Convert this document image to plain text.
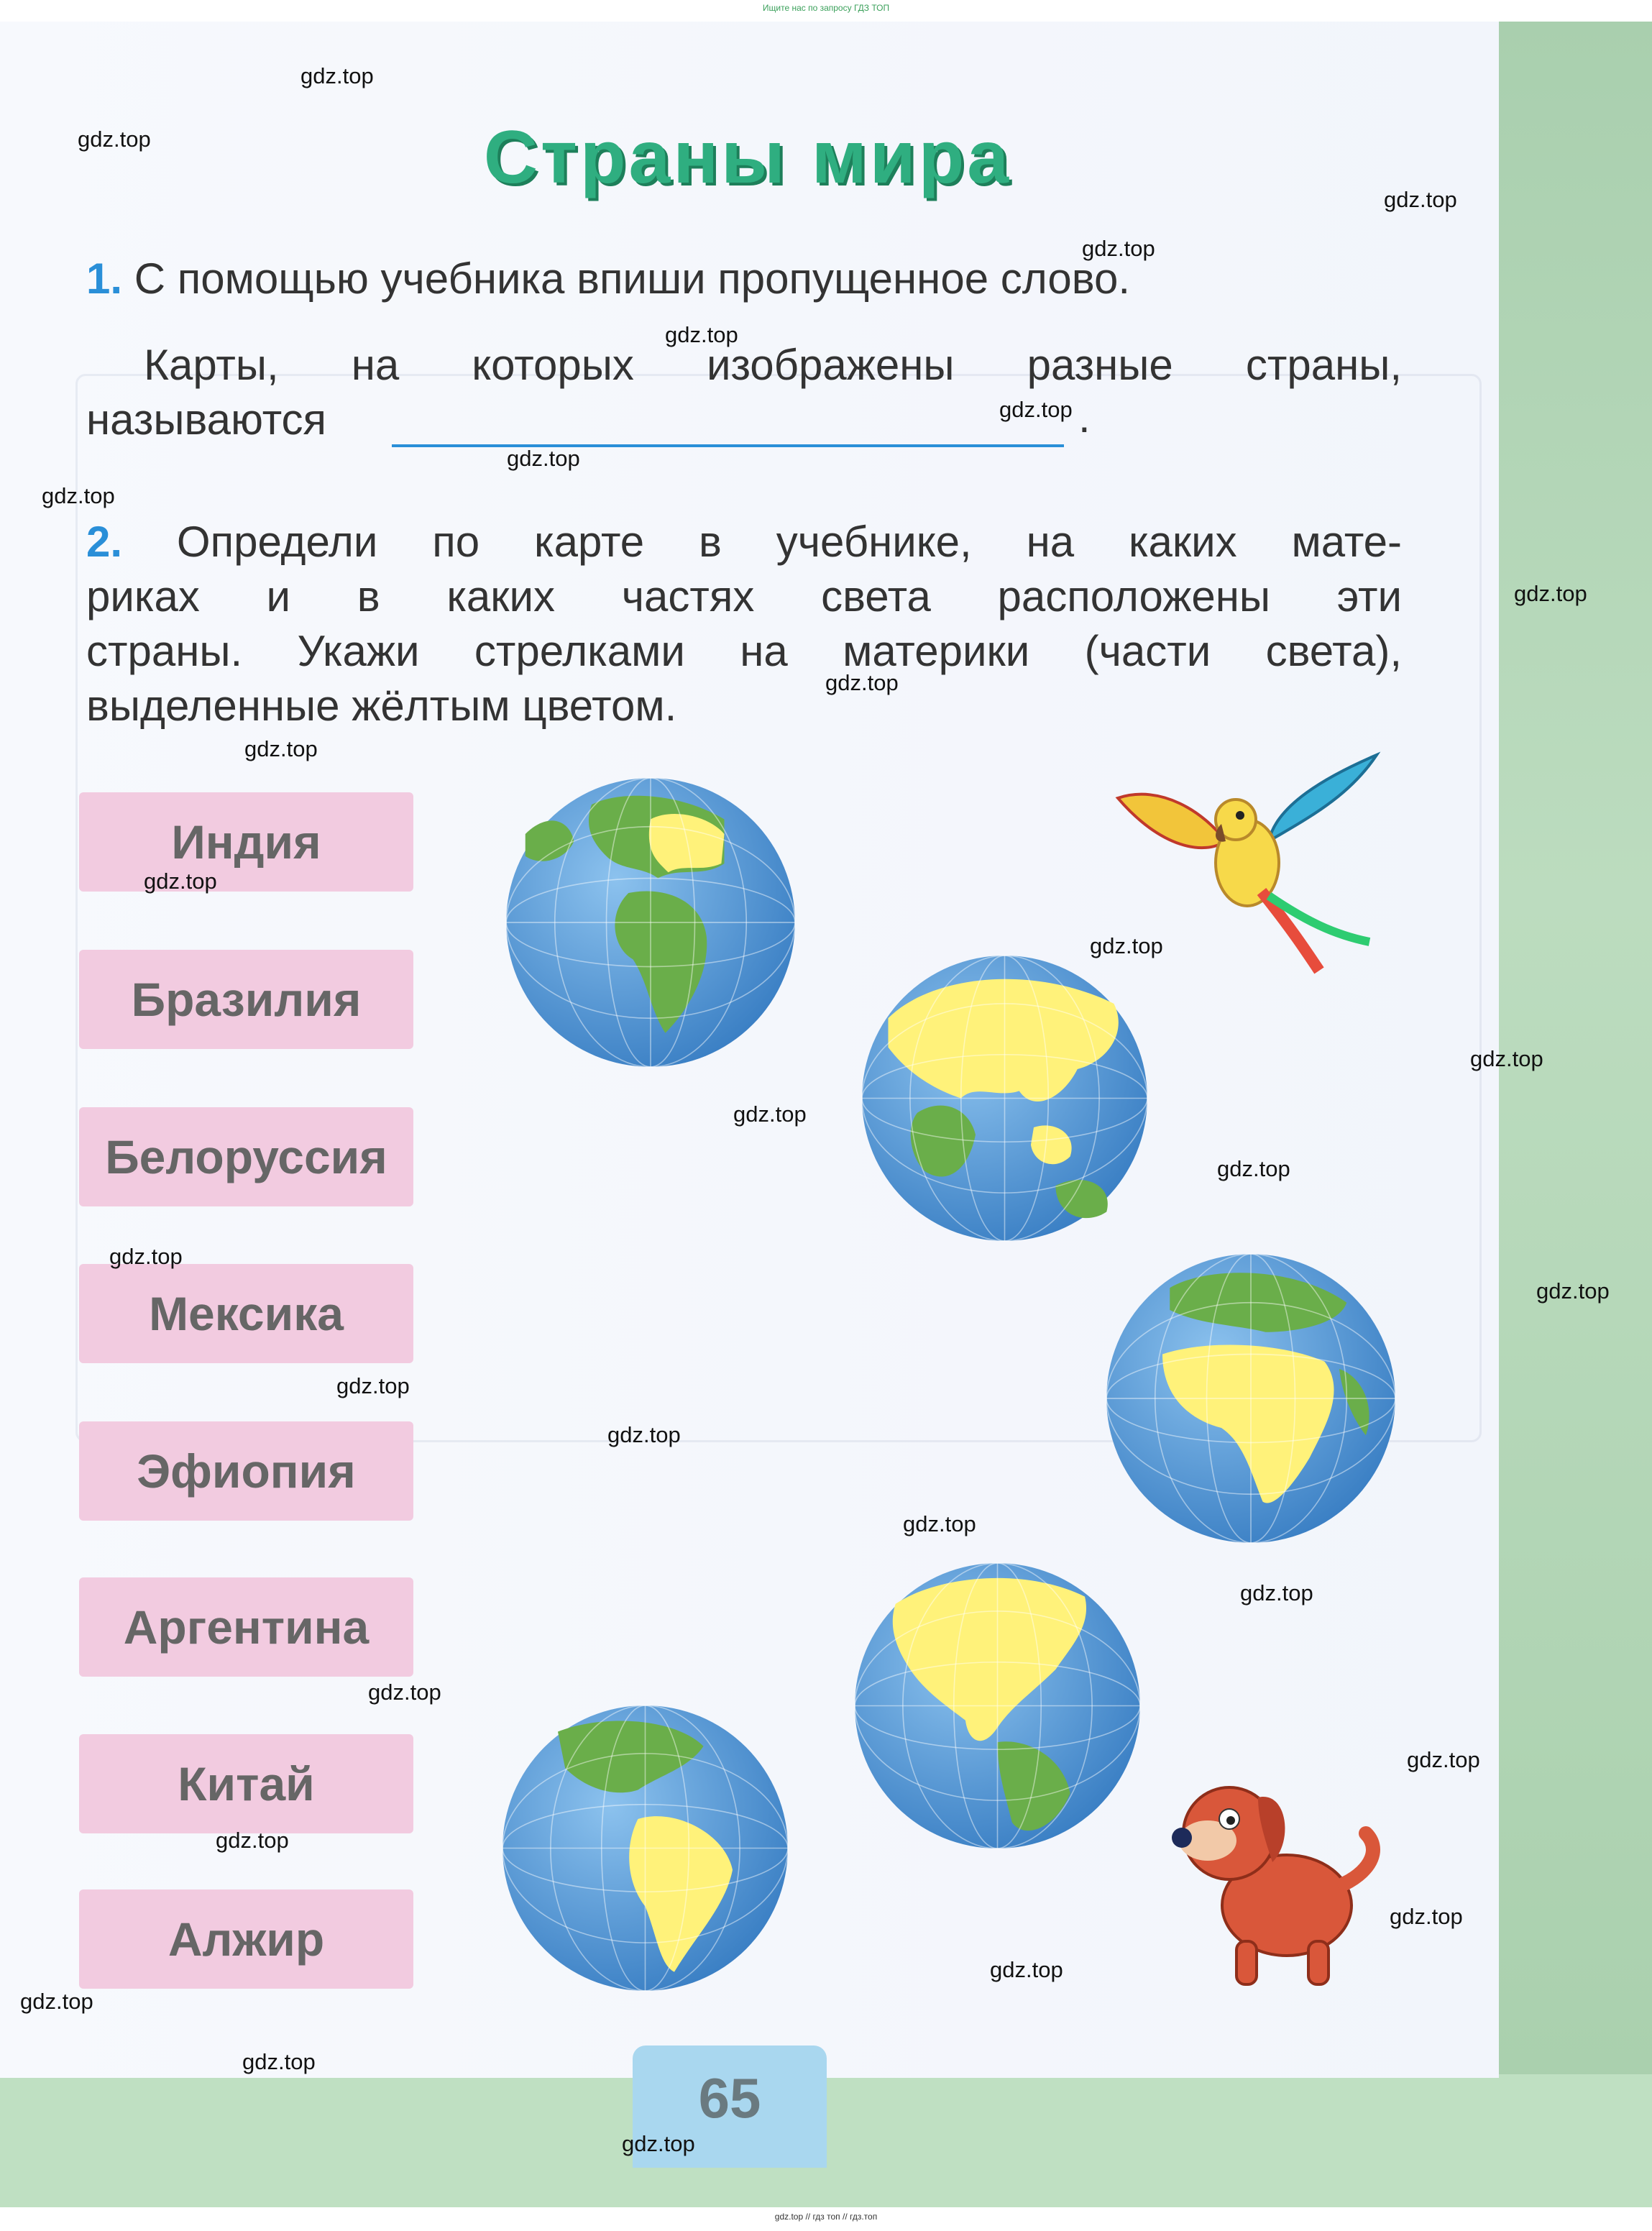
Ищите нас по запросу ГДЗ ТОП
Страны мира
1. С помощью учебника впиши пропущенное слово.
Карты, на которых изображены разные страны,
называются	.
2. Определи по карте в учебнике, на каких мате-
риках и в каких частях света расположены эти
страны. Укажи стрелками на материки (части света),
выделенные жёлтым цветом.
Индия
Бразилия
Белоруссия
Мексика
Эфиопия
Аргентина
Китай
Алжир
65
gdz.top
gdz.top
gdz.top
gdz.top
gdz.top
gdz.top
gdz.top
gdz.top
gdz.top
gdz.top
gdz.top
gdz.top
gdz.top
gdz.top
gdz.top
gdz.top
gdz.top
gdz.top
gdz.top
gdz.top
gdz.top
gdz.top
gdz.top
gdz.top
gdz.top
gdz.top
gdz.top
gdz.top
gdz.top
gdz.top
gdz.top // гдз топ // гдз.топ
